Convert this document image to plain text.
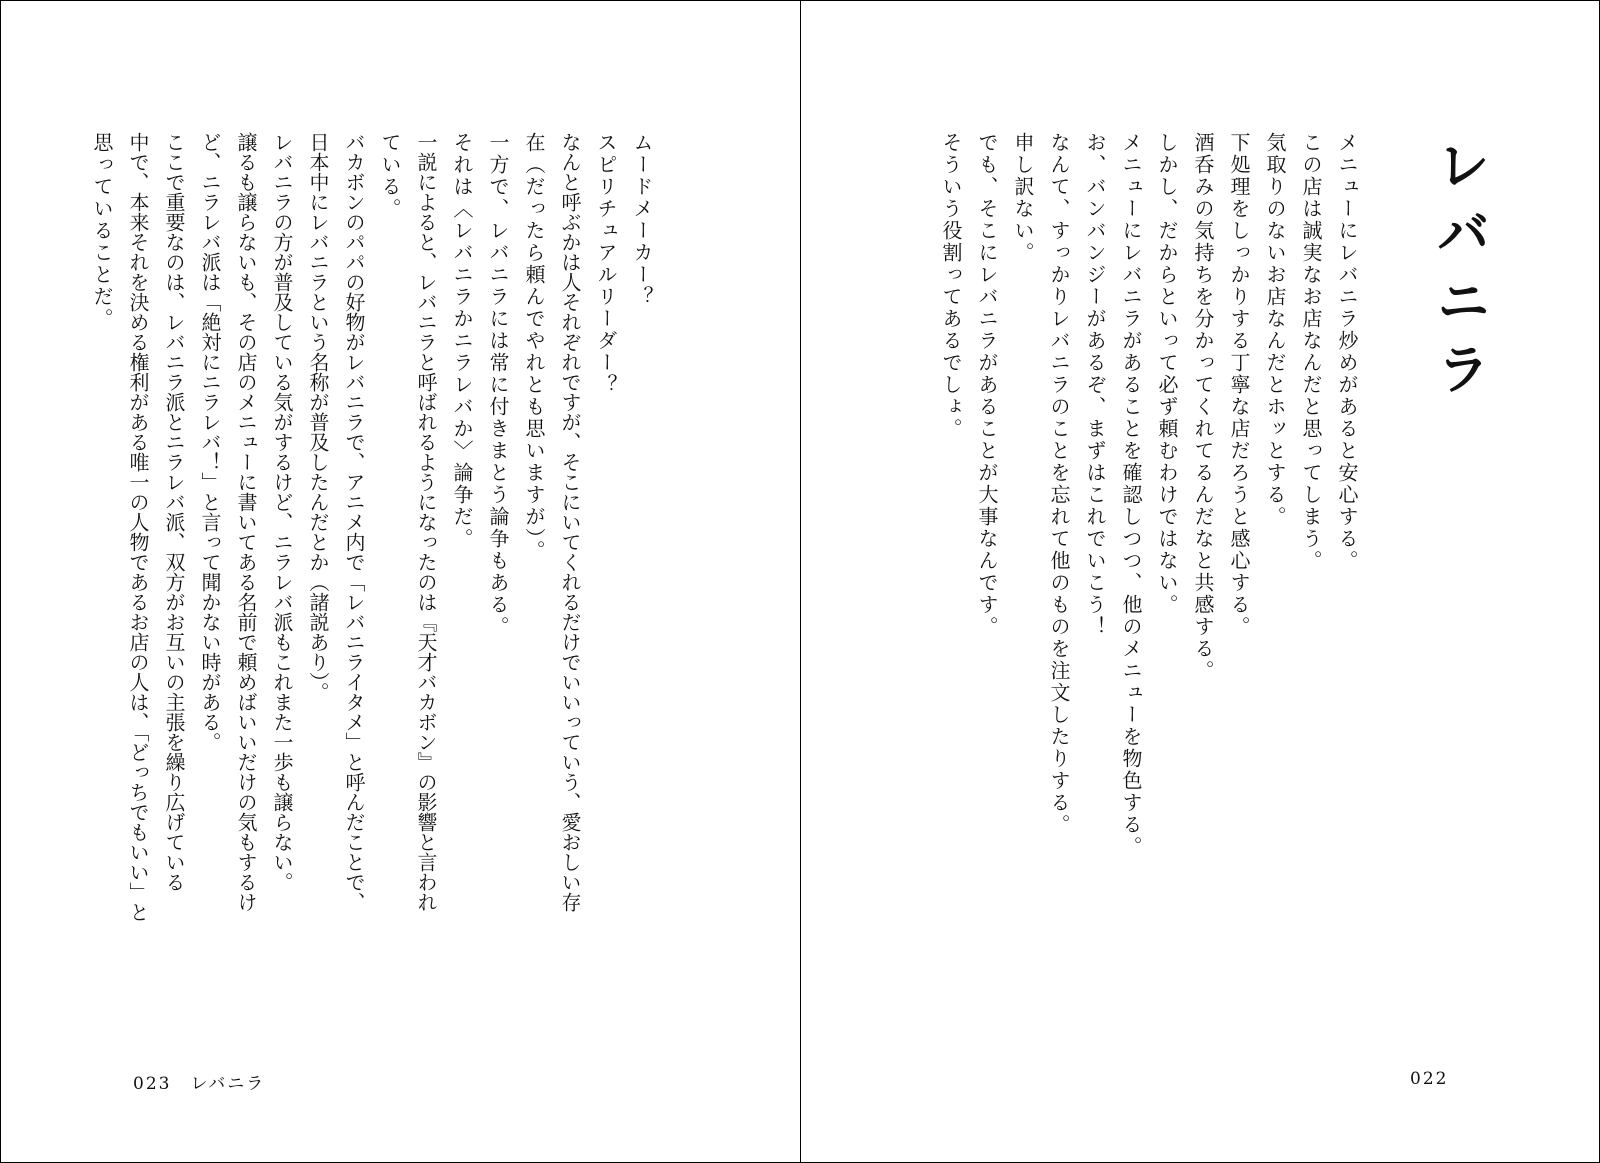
レバニラ
メニューにレバニラ炒めがあると安心する。
この店は誠実なお店なんだと思ってしまう。
気取りのないお店なんだとホッとする。
下処理をしっかりする丁寧な店だろうと感心する。
酒呑みの気持ちを分かってくれてるんだなと共感する。
しかし、だからといって必ず頼むわけではない。
メニューにレバニラがあることを確認しつつ、他のメニューを物色する。
お、バンバンジーがあるぞ、まずはこれでいこう！
なんて、すっかりレバニラのことを忘れて他のものを注文したりする。
申し訳ない。
でも、そこにレバニラがあることが大事なんです。
そういう役割ってあるでしょ。
022
ムードメーカー？
スピリチュアルリーダー？
なんと呼ぶかは人それぞれですが、そこにいてくれるだけでいいっていう、愛おしい存
在（だったら頼んでやれとも思いますが）。
一方で、レバニラには常に付きまとう論争もある。
それは〈レバニラかニラレバか〉論争だ。
一説によると、レバニラと呼ばれるようになったのは『天才バカボン』の影響と言われ
ている。
バカボンのパパの好物がレバニラで、アニメ内で「レバニライタメ」と呼んだことで、
日本中にレバニラという名称が普及したんだとか（諸説あり）。
レバニラの方が普及している気がするけど、ニラレバ派もこれまた一歩も譲らない。
譲るも譲らないも、その店のメニューに書いてある名前で頼めばいいだけの気もするけ
ど、ニラレバ派は「絶対にニラレバ！」と言って聞かない時がある。
ここで重要なのは、レバニラ派とニラレバ派、双方がお互いの主張を繰り広げている
中で、本来それを決める権利がある唯一の人物であるお店の人は、「どっちでもいい」と
思っていることだ。
023　レバニラ
